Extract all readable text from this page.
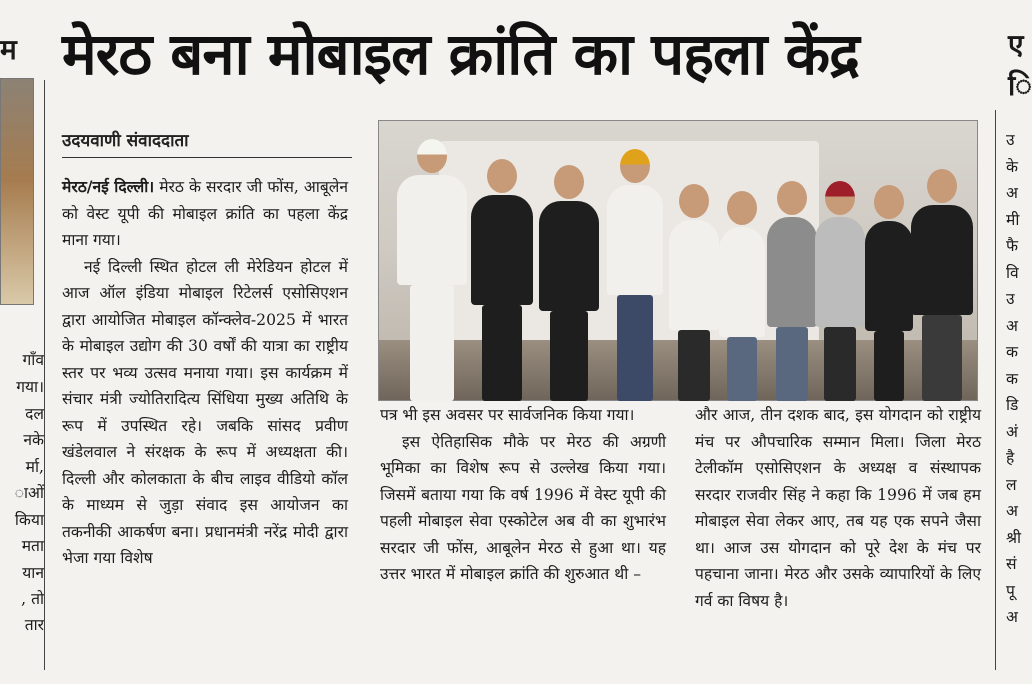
म
गाँव
गया।
दल
नके
र्मा,
ाओं
किया
मता
यान
, तो
तार
मेरठ बना मोबाइल क्रांति का पहला केंद्र
उदयवाणी संवाददाता

मेरठ/नई दिल्ली। मेरठ के सरदार जी फोंस, आबूलेन को वेस्ट यूपी की मोबाइल क्रांति का पहला केंद्र माना गया।

नई दिल्ली स्थित होटल ली मेरेडियन होटल में आज ऑल इंडिया मोबाइल रिटेलर्स एसोसिएशन द्वारा आयोजित मोबाइल कॉन्क्लेव-2025 में भारत के मोबाइल उद्योग की 30 वर्षों की यात्रा का राष्ट्रीय स्तर पर भव्य उत्सव मनाया गया। इस कार्यक्रम में संचार मंत्री ज्योतिरादित्य सिंधिया मुख्य अतिथि के रूप में उपस्थित रहे। जबकि सांसद प्रवीण खंडेलवाल ने संरक्षक के रूप में अध्यक्षता की। दिल्ली और कोलकाता के बीच लाइव वीडियो कॉल के माध्यम से जुड़ा संवाद इस आयोजन का तकनीकी आकर्षण बना। प्रधानमंत्री नरेंद्र मोदी द्वारा भेजा गया विशेष

पत्र भी इस अवसर पर सार्वजनिक किया गया।

इस ऐतिहासिक मौके पर मेरठ की अग्रणी भूमिका का विशेष रूप से उल्लेख किया गया। जिसमें बताया गया कि वर्ष 1996 में वेस्ट यूपी की पहली मोबाइल सेवा एस्कोटेल अब वी का शुभारंभ सरदार जी फोंस, आबूलेन मेरठ से हुआ था। यह उत्तर भारत में मोबाइल क्रांति की शुरुआत थी –

और आज, तीन दशक बाद, इस योगदान को राष्ट्रीय मंच पर औपचारिक सम्मान मिला। जिला मेरठ टेलीकॉम एसोसिएशन के अध्यक्ष व संस्थापक सरदार राजवीर सिंह ने कहा कि 1996 में जब हम मोबाइल सेवा लेकर आए, तब यह एक सपने जैसा था। आज उस योगदान को पूरे देश के मंच पर पहचाना जाना। मेरठ और उसके व्यापारियों के लिए गर्व का विषय है।

ए
ि
उ
के
अ
मी
फै
वि
उ
अ
क
क
डि
अं
है
ल
अ
श्री
सं
पू
अ
